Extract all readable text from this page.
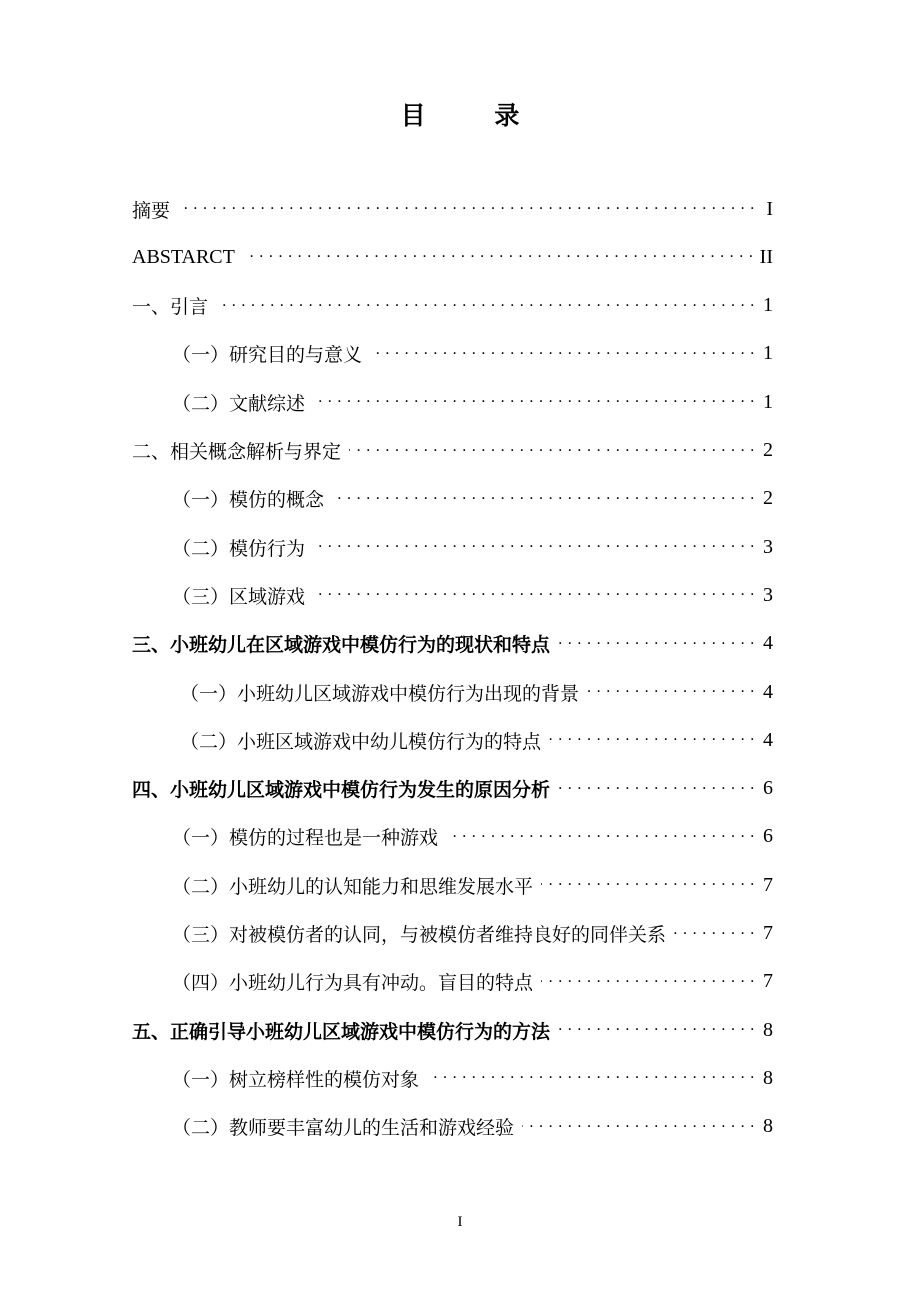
目 录
摘要 . . .	I
ABSTARCT . . .	II
一、引言 . . .	1
（一）研究目的与意义 . . .	1
（二）文献综述 . . .	1
二、相关概念解析与界定 . . .	2
（一）模仿的概念 . . .	2
（二）模仿行为 . . .	3
（三）区域游戏 . . .	3
三、小班幼儿在区域游戏中模仿行为的现状和特点 . . .	4
（一）小班幼儿区域游戏中模仿行为出现的背景 . . .	4
（二）小班区域游戏中幼儿模仿行为的特点 . . .	4
四、小班幼儿区域游戏中模仿行为发生的原因分析 . . .	6
（一）模仿的过程也是一种游戏 . . .	6
（二）小班幼儿的认知能力和思维发展水平 . . .	7
（三）对被模仿者的认同，与被模仿者维持良好的同伴关系 . . .	7
（四）小班幼儿行为具有冲动。盲目的特点 . . .	7
五、正确引导小班幼儿区域游戏中模仿行为的方法 . . .	8
（一）树立榜样性的模仿对象 . . .	8
（二）教师要丰富幼儿的生活和游戏经验 . . .	8
I
